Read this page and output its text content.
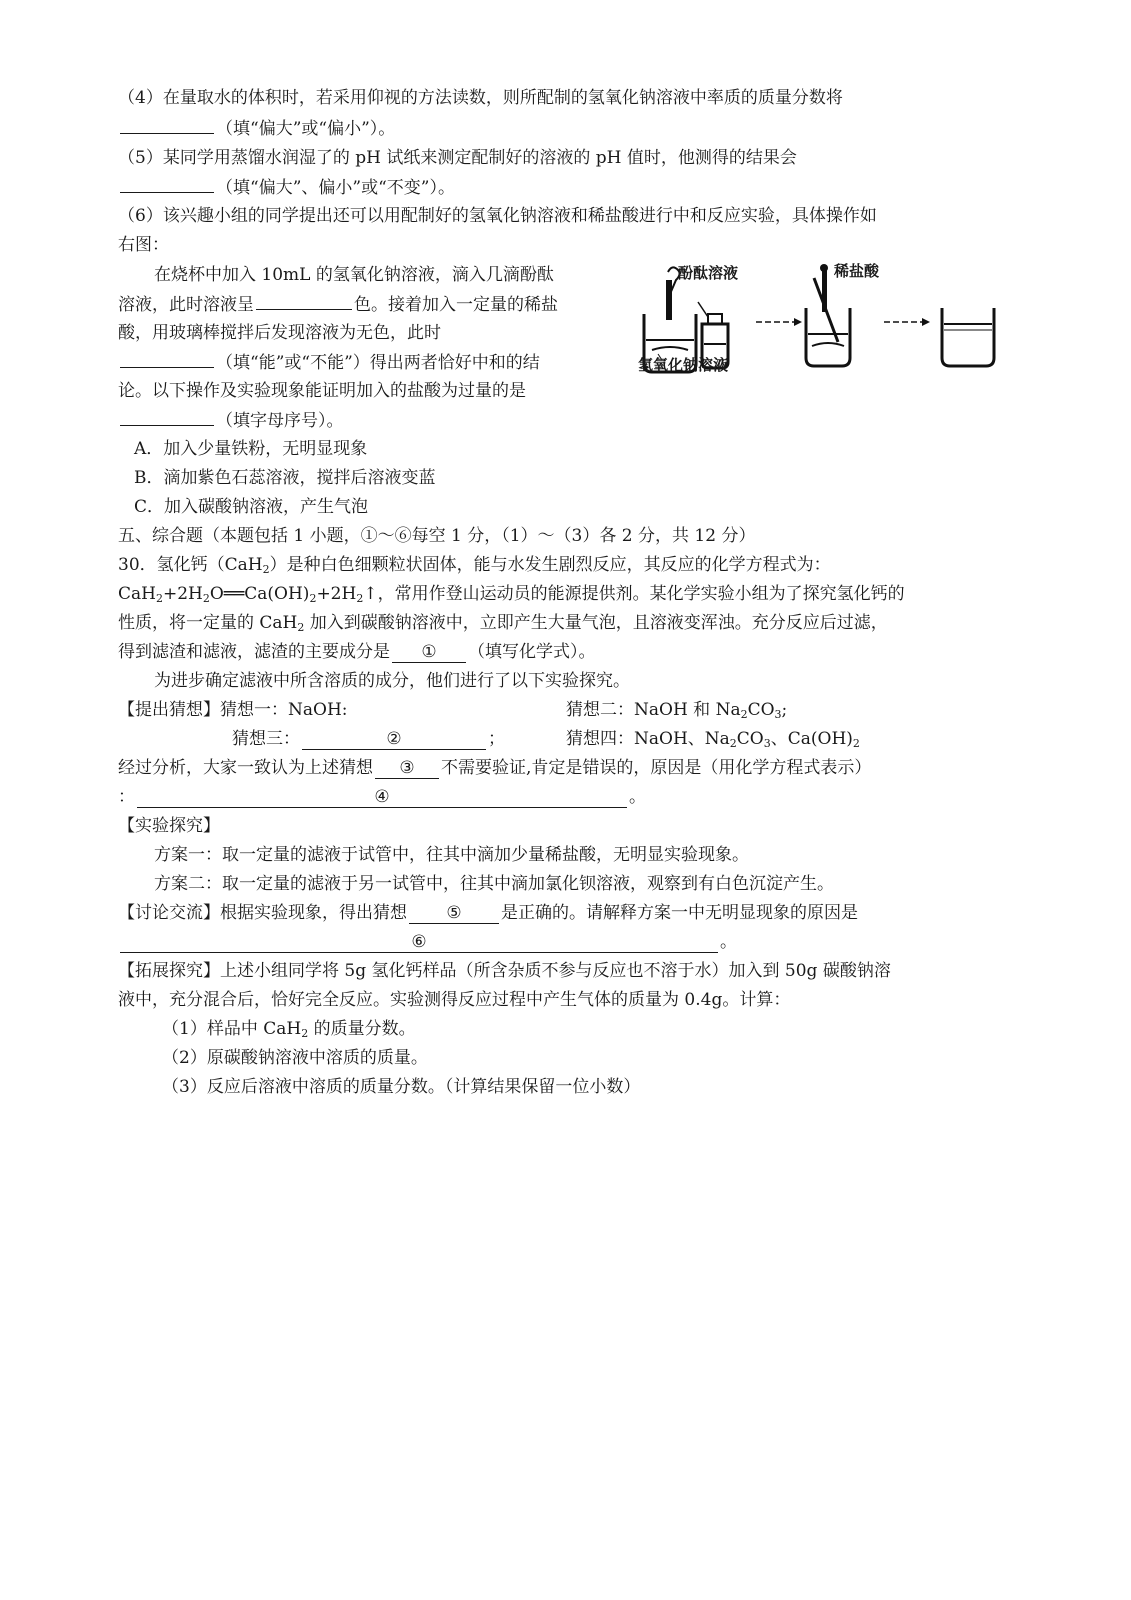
（4）在量取水的体积时，若采用仰视的方法读数，则所配制的氢氧化钠溶液中率质的质量分数将
（填“偏大”或“偏小”）。
（5）某同学用蒸馏水润湿了的 pH 试纸来测定配制好的溶液的 pH 值时，他测得的结果会
（填“偏大”、偏小”或“不变”）。
（6）该兴趣小组的同学提出还可以用配制好的氢氧化钠溶液和稀盐酸进行中和反应实验，具体操作如
右图：
在烧杯中加入 10mL 的氢氧化钠溶液，滴入几滴酚酞
溶液，此时溶液呈	色。接着加入一定量的稀盐
酸，用玻璃棒搅拌后发现溶液为无色，此时
（填“能”或“不能”）得出两者恰好中和的结
论。以下操作及实验现象能证明加入的盐酸为过量的是
（填字母序号）。
A．加入少量铁粉，无明显现象
B．滴加紫色石蕊溶液，搅拌后溶液变蓝
C．加入碳酸钠溶液，产生气泡
酚酞溶液	稀盐酸
氢氧化钠溶液
五、综合题（本题包括 1 小题，①～⑥每空 1 分，（1）～（3）各 2 分，共 12 分）
30．氢化钙（CaH$_2$）是种白色细颗粒状固体，能与水发生剧烈反应，其反应的化学方程式为：
$CaH_2+2H_2O══Ca(OH)_2+2H_2↑$，常用作登山运动员的能源提供剂。某化学实验小组为了探究氢化钙的
性质，将一定量的 CaH$_2$ 加入到碳酸钠溶液中，立即产生大量气泡，且溶液变浑浊。充分反应后过滤，
得到滤渣和滤液，滤渣的主要成分是 ① （填写化学式）。
为进步确定滤液中所含溶质的成分，他们进行了以下实验探究。
【提出猜想】猜想一：NaOH:	猜想二：NaOH 和 $Na_2CO_3$;
猜想三：	②	；	猜想四：NaOH、$Na_2CO_3$、$Ca(OH)_2$
经过分析，大家一致认为上述猜想 ③ 不需要验证,肯定是错误的，原因是（用化学方程式表示）
：	④	。
【实验探究】
方案一：取一定量的滤液于试管中，往其中滴加少量稀盐酸，无明显实验现象。
方案二：取一定量的滤液于另一试管中，往其中滴加氯化钡溶液，观察到有白色沉淀产生。
【讨论交流】根据实验现象，得出猜想 ⑤ 是正确的。请解释方案一中无明显现象的原因是
⑥	。
【拓展探究】上述小组同学将 5g 氢化钙样品（所含杂质不参与反应也不溶于水）加入到 50g 碳酸钠溶
液中，充分混合后，恰好完全反应。实验测得反应过程中产生气体的质量为 0.4g。计算：
（1）样品中 CaH$_2$ 的质量分数。
（2）原碳酸钠溶液中溶质的质量。
（3）反应后溶液中溶质的质量分数。（计算结果保留一位小数）
